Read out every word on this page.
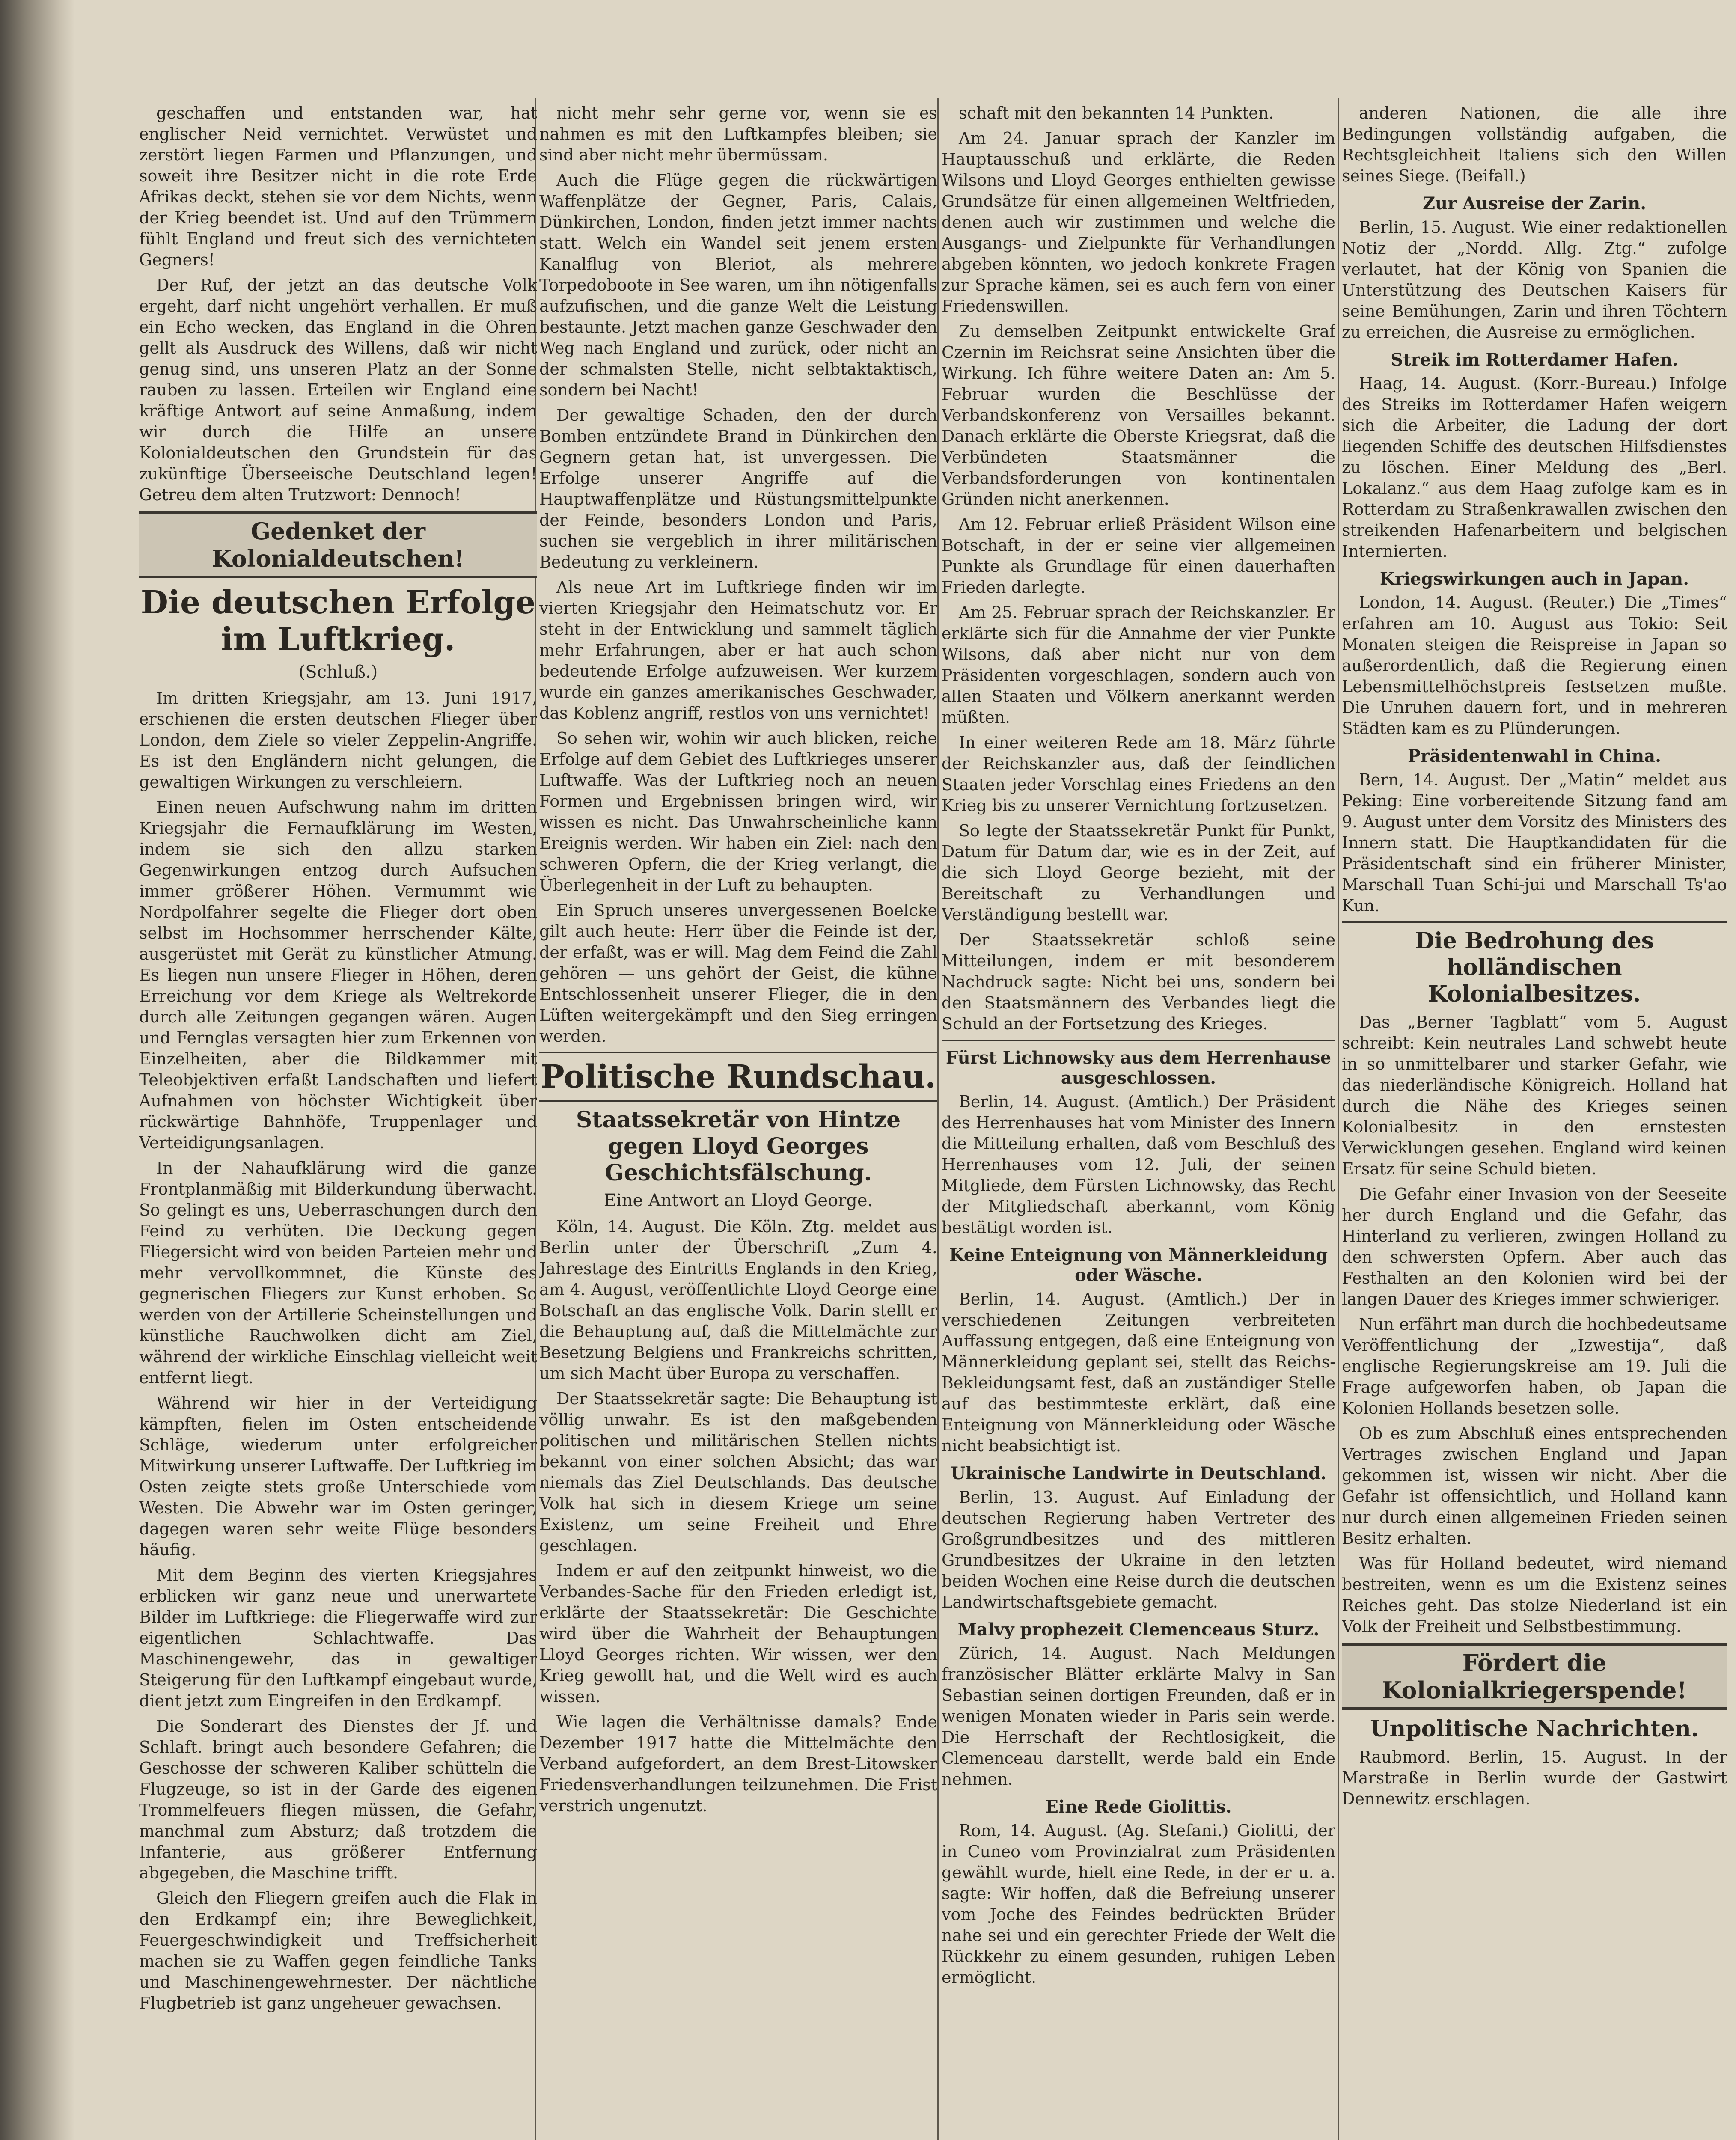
geschaffen und entstanden war, hat englischer Neid vernichtet. Verwüstet und zerstört liegen Farmen und Pflanzungen, und soweit ihre Besitzer nicht in die rote Erde Afrikas deckt, stehen sie vor dem Nichts, wenn der Krieg beendet ist. Und auf den Trümmern fühlt England und freut sich des vernichteten Gegners!

Der Ruf, der jetzt an das deutsche Volk ergeht, darf nicht ungehört verhallen. Er muß ein Echo wecken, das England in die Ohren gellt als Ausdruck des Willens, daß wir nicht genug sind, uns unseren Platz an der Sonne rauben zu lassen. Erteilen wir England eine kräftige Antwort auf seine Anmaßung, indem wir durch die Hilfe an unsere Kolonialdeutschen den Grundstein für das zukünftige Überseeische Deutschland legen! Getreu dem alten Trutzwort: Dennoch!

Gedenket der Kolonialdeutschen!
Die deutschen Erfolge im Luftkrieg.
(Schluß.)

Im dritten Kriegsjahr, am 13. Juni 1917, erschienen die ersten deutschen Flieger über London, dem Ziele so vieler Zeppelin-Angriffe. Es ist den Engländern nicht gelungen, die gewaltigen Wirkungen zu verschleiern.

Einen neuen Aufschwung nahm im dritten Kriegsjahr die Fernaufklärung im Westen, indem sie sich den allzu starken Gegenwirkungen entzog durch Aufsuchen immer größerer Höhen. Vermummt wie Nordpolfahrer segelte die Flieger dort oben selbst im Hochsommer herrschender Kälte, ausgerüstet mit Gerät zu künstlicher Atmung. Es liegen nun unsere Flieger in Höhen, deren Erreichung vor dem Kriege als Weltrekorde durch alle Zeitungen gegangen wären. Augen und Fernglas versagten hier zum Erkennen von Einzelheiten, aber die Bildkammer mit Teleobjektiven erfaßt Landschaften und liefert Aufnahmen von höchster Wichtigkeit über rückwärtige Bahnhöfe, Truppenlager und Verteidigungsanlagen.

In der Nahaufklärung wird die ganze Frontplanmäßig mit Bilderkundung überwacht. So gelingt es uns, Ueberraschungen durch den Feind zu verhüten. Die Deckung gegen Fliegersicht wird von beiden Parteien mehr und mehr vervollkommnet, die Künste des gegnerischen Fliegers zur Kunst erhoben. So werden von der Artillerie Scheinstellungen und künstliche Rauchwolken dicht am Ziel, während der wirkliche Einschlag vielleicht weit entfernt liegt.

Während wir hier in der Verteidigung kämpften, fielen im Osten entscheidende Schläge, wiederum unter erfolgreicher Mitwirkung unserer Luftwaffe. Der Luftkrieg im Osten zeigte stets große Unterschiede vom Westen. Die Abwehr war im Osten geringer, dagegen waren sehr weite Flüge besonders häufig.

Mit dem Beginn des vierten Kriegsjahres erblicken wir ganz neue und unerwartete Bilder im Luftkriege: die Fliegerwaffe wird zur eigentlichen Schlachtwaffe. Das Maschinengewehr, das in gewaltiger Steigerung für den Luftkampf eingebaut wurde, dient jetzt zum Eingreifen in den Erdkampf.

Die Sonderart des Dienstes der Jf. und Schlaft. bringt auch besondere Gefahren; die Geschosse der schweren Kaliber schütteln die Flugzeuge, so ist in der Garde des eigenen Trommelfeuers fliegen müssen, die Gefahr, manchmal zum Absturz; daß trotzdem die Infanterie, aus größerer Entfernung abgegeben, die Maschine trifft.

Gleich den Fliegern greifen auch die Flak in den Erdkampf ein; ihre Beweglichkeit, Feuergeschwindigkeit und Treffsicherheit machen sie zu Waffen gegen feindliche Tanks und Maschinengewehrnester. Der nächtliche Flugbetrieb ist ganz ungeheuer gewachsen.

nicht mehr sehr gerne vor, wenn sie es nahmen es mit den Luftkampfes bleiben; sie sind aber nicht mehr übermüssam.

Auch die Flüge gegen die rückwärtigen Waffenplätze der Gegner, Paris, Calais, Dünkirchen, London, finden jetzt immer nachts statt. Welch ein Wandel seit jenem ersten Kanalflug von Bleriot, als mehrere Torpedoboote in See waren, um ihn nötigenfalls aufzufischen, und die ganze Welt die Leistung bestaunte. Jetzt machen ganze Geschwader den Weg nach England und zurück, oder nicht an der schmalsten Stelle, nicht selbtaktaktisch, sondern bei Nacht!

Der gewaltige Schaden, den der durch Bomben entzündete Brand in Dünkirchen den Gegnern getan hat, ist unvergessen. Die Erfolge unserer Angriffe auf die Hauptwaffenplätze und Rüstungsmittelpunkte der Feinde, besonders London und Paris, suchen sie vergeblich in ihrer militärischen Bedeutung zu verkleinern.

Als neue Art im Luftkriege finden wir im vierten Kriegsjahr den Heimatschutz vor. Er steht in der Entwicklung und sammelt täglich mehr Erfahrungen, aber er hat auch schon bedeutende Erfolge aufzuweisen. Wer kurzem wurde ein ganzes amerikanisches Geschwader, das Koblenz angriff, restlos von uns vernichtet!

So sehen wir, wohin wir auch blicken, reiche Erfolge auf dem Gebiet des Luftkrieges unserer Luftwaffe. Was der Luftkrieg noch an neuen Formen und Ergebnissen bringen wird, wir wissen es nicht. Das Unwahrscheinliche kann Ereignis werden. Wir haben ein Ziel: nach den schweren Opfern, die der Krieg verlangt, die Überlegenheit in der Luft zu behaupten.

Ein Spruch unseres unvergessenen Boelcke gilt auch heute: Herr über die Feinde ist der, der erfaßt, was er will. Mag dem Feind die Zahl gehören — uns gehört der Geist, die kühne Entschlossenheit unserer Flieger, die in den Lüften weitergekämpft und den Sieg erringen werden.

Politische Rundschau.
Staatssekretär von Hintze gegen Lloyd Georges Geschichtsfälschung.
Eine Antwort an Lloyd George.

Köln, 14. August. Die Köln. Ztg. meldet aus Berlin unter der Überschrift „Zum 4. Jahrestage des Eintritts Englands in den Krieg, am 4. August, veröffentlichte Lloyd George eine Botschaft an das englische Volk. Darin stellt er die Behauptung auf, daß die Mittelmächte zur Besetzung Belgiens und Frankreichs schritten, um sich Macht über Europa zu verschaffen.

Der Staatssekretär sagte: Die Behauptung ist völlig unwahr. Es ist den maßgebenden politischen und militärischen Stellen nichts bekannt von einer solchen Absicht; das war niemals das Ziel Deutschlands. Das deutsche Volk hat sich in diesem Kriege um seine Existenz, um seine Freiheit und Ehre geschlagen.

Indem er auf den zeitpunkt hinweist, wo die Verbandes-Sache für den Frieden erledigt ist, erklärte der Staatssekretär: Die Geschichte wird über die Wahrheit der Behauptungen Lloyd Georges richten. Wir wissen, wer den Krieg gewollt hat, und die Welt wird es auch wissen.

Wie lagen die Verhältnisse damals? Ende Dezember 1917 hatte die Mittelmächte den Verband aufgefordert, an dem Brest-Litowsker Friedensverhandlungen teilzunehmen. Die Frist verstrich ungenutzt.

schaft mit den bekannten 14 Punkten.

Am 24. Januar sprach der Kanzler im Hauptausschuß und erklärte, die Reden Wilsons und Lloyd Georges enthielten gewisse Grundsätze für einen allgemeinen Weltfrieden, denen auch wir zustimmen und welche die Ausgangs- und Zielpunkte für Verhandlungen abgeben könnten, wo jedoch konkrete Fragen zur Sprache kämen, sei es auch fern von einer Friedenswillen.

Zu demselben Zeitpunkt entwickelte Graf Czernin im Reichsrat seine Ansichten über die Wirkung. Ich führe weitere Daten an: Am 5. Februar wurden die Beschlüsse der Verbandskonferenz von Versailles bekannt. Danach erklärte die Oberste Kriegsrat, daß die Verbündeten Staatsmänner die Verbandsforderungen von kontinentalen Gründen nicht anerkennen.

Am 12. Februar erließ Präsident Wilson eine Botschaft, in der er seine vier allgemeinen Punkte als Grundlage für einen dauerhaften Frieden darlegte.

Am 25. Februar sprach der Reichskanzler. Er erklärte sich für die Annahme der vier Punkte Wilsons, daß aber nicht nur von dem Präsidenten vorgeschlagen, sondern auch von allen Staaten und Völkern anerkannt werden müßten.

In einer weiteren Rede am 18. März führte der Reichskanzler aus, daß der feindlichen Staaten jeder Vorschlag eines Friedens an den Krieg bis zu unserer Vernichtung fortzusetzen.

So legte der Staatssekretär Punkt für Punkt, Datum für Datum dar, wie es in der Zeit, auf die sich Lloyd George bezieht, mit der Bereitschaft zu Verhandlungen und Verständigung bestellt war.

Der Staatssekretär schloß seine Mitteilungen, indem er mit besonderem Nachdruck sagte: Nicht bei uns, sondern bei den Staatsmännern des Verbandes liegt die Schuld an der Fortsetzung des Krieges.

Fürst Lichnowsky aus dem Herrenhause ausgeschlossen.

Berlin, 14. August. (Amtlich.) Der Präsident des Herrenhauses hat vom Minister des Innern die Mitteilung erhalten, daß vom Beschluß des Herrenhauses vom 12. Juli, der seinen Mitgliede, dem Fürsten Lichnowsky, das Recht der Mitgliedschaft aberkannt, vom König bestätigt worden ist.

Keine Enteignung von Männerkleidung oder Wäsche.

Berlin, 14. August. (Amtlich.) Der in verschiedenen Zeitungen verbreiteten Auffassung entgegen, daß eine Enteignung von Männerkleidung geplant sei, stellt das Reichs-Bekleidungsamt fest, daß an zuständiger Stelle auf das bestimmteste erklärt, daß eine Enteignung von Männerkleidung oder Wäsche nicht beabsichtigt ist.

Ukrainische Landwirte in Deutschland.

Berlin, 13. August. Auf Einladung der deutschen Regierung haben Vertreter des Großgrundbesitzes und des mittleren Grundbesitzes der Ukraine in den letzten beiden Wochen eine Reise durch die deutschen Landwirtschaftsgebiete gemacht.

Malvy prophezeit Clemenceaus Sturz.

Zürich, 14. August. Nach Meldungen französischer Blätter erklärte Malvy in San Sebastian seinen dortigen Freunden, daß er in wenigen Monaten wieder in Paris sein werde. Die Herrschaft der Rechtlosigkeit, die Clemenceau darstellt, werde bald ein Ende nehmen.

Eine Rede Giolittis.

Rom, 14. August. (Ag. Stefani.) Giolitti, der in Cuneo vom Provinzialrat zum Präsidenten gewählt wurde, hielt eine Rede, in der er u. a. sagte: Wir hoffen, daß die Befreiung unserer vom Joche des Feindes bedrückten Brüder nahe sei und ein gerechter Friede der Welt die Rückkehr zu einem gesunden, ruhigen Leben ermöglicht.

anderen Nationen, die alle ihre Bedingungen vollständig aufgaben, die Rechtsgleichheit Italiens sich den Willen seines Siege. (Beifall.)

Zur Ausreise der Zarin.

Berlin, 15. August. Wie einer redaktionellen Notiz der „Nordd. Allg. Ztg.“ zufolge verlautet, hat der König von Spanien die Unterstützung des Deutschen Kaisers für seine Bemühungen, Zarin und ihren Töchtern zu erreichen, die Ausreise zu ermöglichen.

Streik im Rotterdamer Hafen.

Haag, 14. August. (Korr.-Bureau.) Infolge des Streiks im Rotterdamer Hafen weigern sich die Arbeiter, die Ladung der dort liegenden Schiffe des deutschen Hilfsdienstes zu löschen. Einer Meldung des „Berl. Lokalanz.“ aus dem Haag zufolge kam es in Rotterdam zu Straßenkrawallen zwischen den streikenden Hafenarbeitern und belgischen Internierten.

Kriegswirkungen auch in Japan.

London, 14. August. (Reuter.) Die „Times“ erfahren am 10. August aus Tokio: Seit Monaten steigen die Reispreise in Japan so außerordentlich, daß die Regierung einen Lebensmittelhöchstpreis festsetzen mußte. Die Unruhen dauern fort, und in mehreren Städten kam es zu Plünderungen.

Präsidentenwahl in China.

Bern, 14. August. Der „Matin“ meldet aus Peking: Eine vorbereitende Sitzung fand am 9. August unter dem Vorsitz des Ministers des Innern statt. Die Hauptkandidaten für die Präsidentschaft sind ein früherer Minister, Marschall Tuan Schi-jui und Marschall Ts'ao Kun.

Die Bedrohung des holländischen Kolonialbesitzes.

Das „Berner Tagblatt“ vom 5. August schreibt: Kein neutrales Land schwebt heute in so unmittelbarer und starker Gefahr, wie das niederländische Königreich. Holland hat durch die Nähe des Krieges seinen Kolonialbesitz in den ernstesten Verwicklungen gesehen. England wird keinen Ersatz für seine Schuld bieten.

Die Gefahr einer Invasion von der Seeseite her durch England und die Gefahr, das Hinterland zu verlieren, zwingen Holland zu den schwersten Opfern. Aber auch das Festhalten an den Kolonien wird bei der langen Dauer des Krieges immer schwieriger.

Nun erfährt man durch die hochbedeutsame Veröffentlichung der „Izwestija“, daß englische Regierungskreise am 19. Juli die Frage aufgeworfen haben, ob Japan die Kolonien Hollands besetzen solle.

Ob es zum Abschluß eines entsprechenden Vertrages zwischen England und Japan gekommen ist, wissen wir nicht. Aber die Gefahr ist offensichtlich, und Holland kann nur durch einen allgemeinen Frieden seinen Besitz erhalten.

Was für Holland bedeutet, wird niemand bestreiten, wenn es um die Existenz seines Reiches geht. Das stolze Niederland ist ein Volk der Freiheit und Selbstbestimmung.

Fördert die Kolonialkriegerspende!
Unpolitische Nachrichten.

Raubmord. Berlin, 15. August. In der Marstraße in Berlin wurde der Gastwirt Dennewitz erschlagen.
